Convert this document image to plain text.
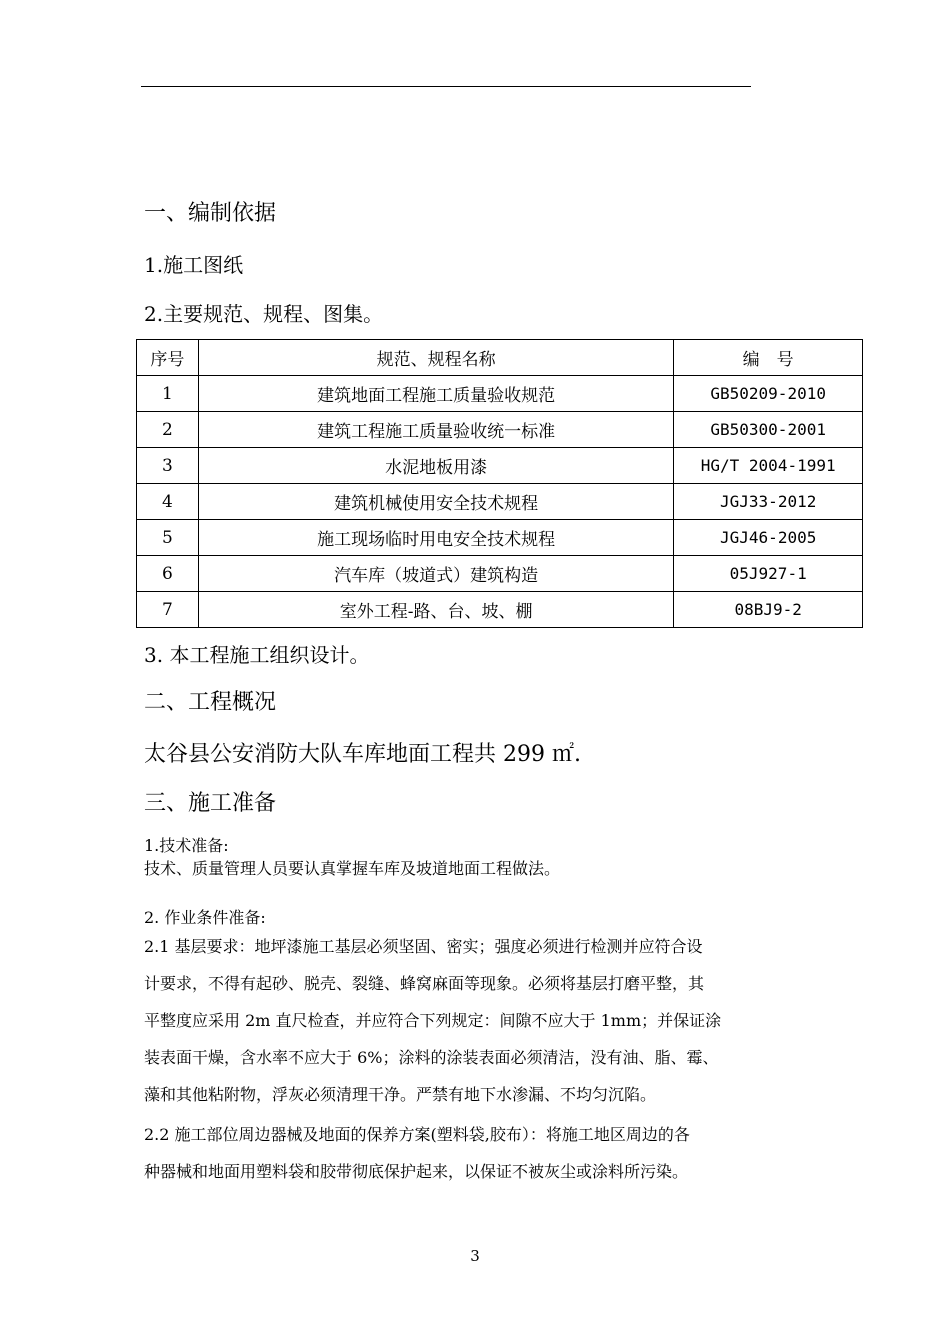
一、编制依据
1.施工图纸
2.主要规范、规程、图集。
序号	规范、规程名称	编　号
1	建筑地面工程施工质量验收规范	GB50209-2010
2	建筑工程施工质量验收统一标准	GB50300-2001
3	水泥地板用漆	HG/T 2004-1991
4	建筑机械使用安全技术规程	JGJ33-2012
5	施工现场临时用电安全技术规程	JGJ46-2005
6	汽车库（坡道式）建筑构造	05J927-1
7	室外工程-路、台、坡、棚	08BJ9-2
3. 本工程施工组织设计。
二、工程概况
太谷县公安消防大队车库地面工程共 299 ㎡.
三、施工准备
1.技术准备:
技术、质量管理人员要认真掌握车库及坡道地面工程做法。
2. 作业条件准备:
2.1 基层要求：地坪漆施工基层必须坚固、密实；强度必须进行检测并应符合设
计要求，不得有起砂、脱壳、裂缝、蜂窝麻面等现象。必须将基层打磨平整，其
平整度应采用 2m 直尺检查，并应符合下列规定：间隙不应大于 1mm；并保证涂
装表面干燥，含水率不应大于 6%；涂料的涂装表面必须清洁，没有油、脂、霉、
藻和其他粘附物，浮灰必须清理干净。严禁有地下水渗漏、不均匀沉陷。
2.2 施工部位周边器械及地面的保养方案(塑料袋,胶布）：将施工地区周边的各
种器械和地面用塑料袋和胶带彻底保护起来，以保证不被灰尘或涂料所污染。
3
